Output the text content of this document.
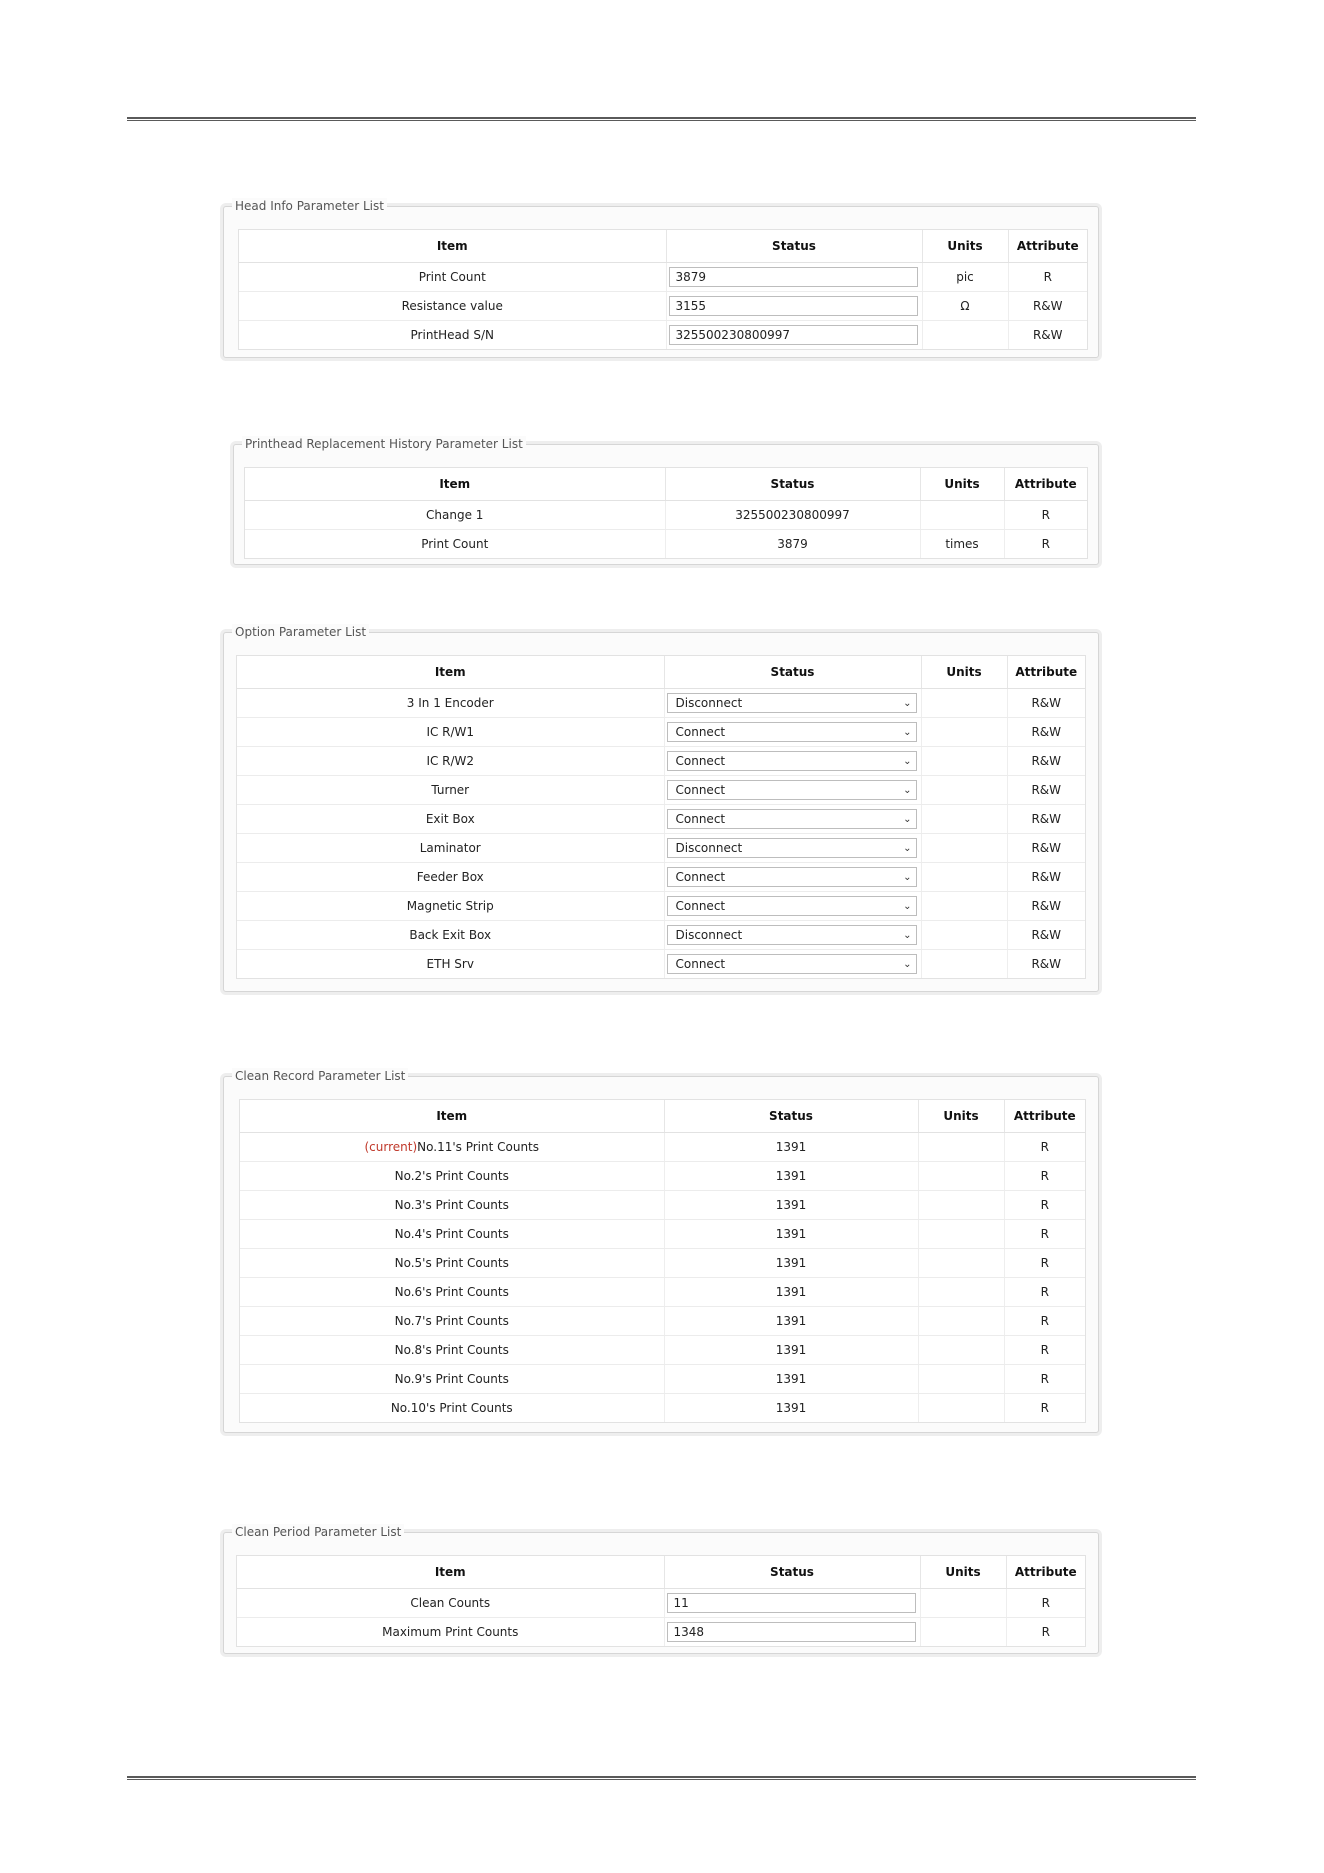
Head Info Parameter List
Item	Status	Units	Attribute
Print Count	3879	pic	R
Resistance value	3155	Ω	R&W
PrintHead S/N	325500230800997		R&W
Printhead Replacement History Parameter List
Item	Status	Units	Attribute
Change 1	325500230800997		R
Print Count	3879	times	R
Option Parameter List
Item	Status	Units	Attribute
3 In 1 Encoder	Disconnect ⌄		R&W
IC R/W1	Connect ⌄		R&W
IC R/W2	Connect ⌄		R&W
Turner	Connect ⌄		R&W
Exit Box	Connect ⌄		R&W
Laminator	Disconnect ⌄		R&W
Feeder Box	Connect ⌄		R&W
Magnetic Strip	Connect ⌄		R&W
Back Exit Box	Disconnect ⌄		R&W
ETH Srv	Connect ⌄		R&W
Clean Record Parameter List
Item	Status	Units	Attribute
(current)No.11's Print Counts	1391		R
No.2's Print Counts	1391		R
No.3's Print Counts	1391		R
No.4's Print Counts	1391		R
No.5's Print Counts	1391		R
No.6's Print Counts	1391		R
No.7's Print Counts	1391		R
No.8's Print Counts	1391		R
No.9's Print Counts	1391		R
No.10's Print Counts	1391		R
Clean Period Parameter List
Item	Status	Units	Attribute
Clean Counts	11		R
Maximum Print Counts	1348		R
